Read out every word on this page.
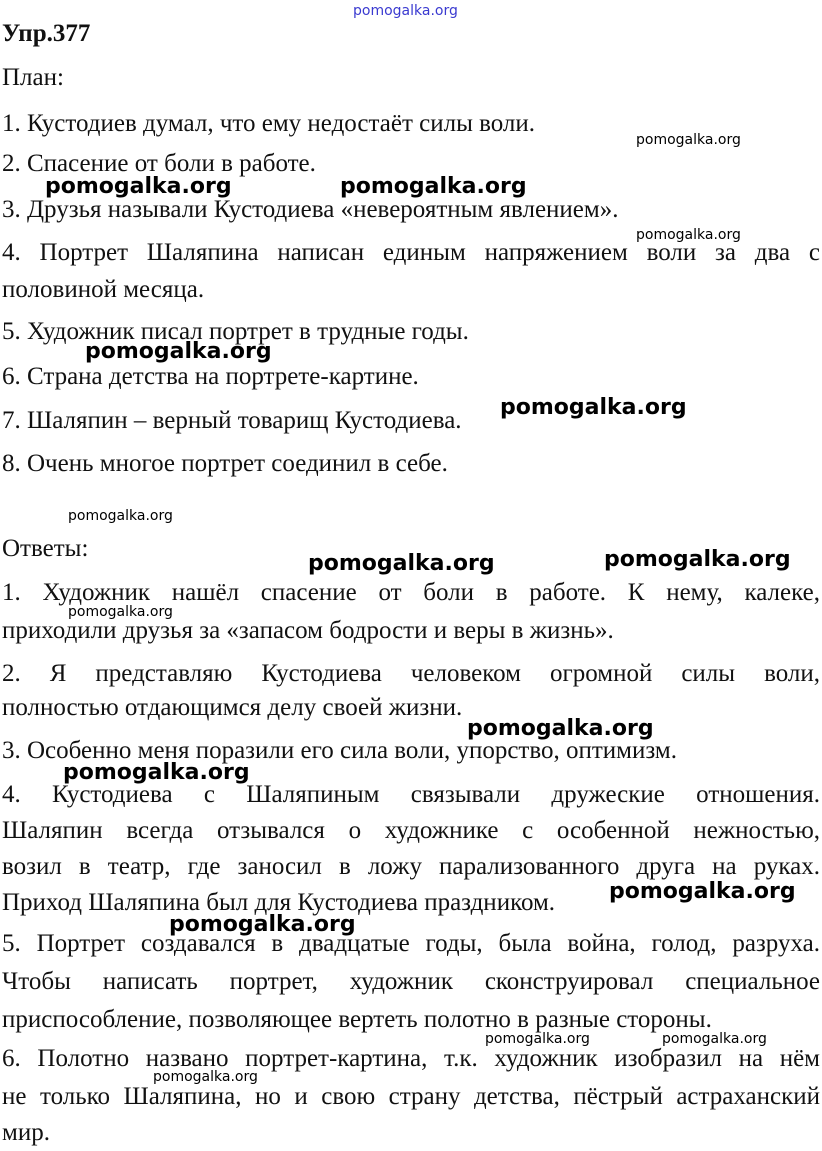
Упр.377
План:
1. Кустодиев думал, что ему недостаёт силы воли.
2. Спасение от боли в работе.
3. Друзья называли Кустодиева «невероятным явлением».
4. Портрет Шаляпина написан единым напряжением воли за два с
половиной месяца.
5. Художник писал портрет в трудные годы.
6. Страна детства на портрете-картине.
7. Шаляпин – верный товарищ Кустодиева.
8. Очень многое портрет соединил в себе.
Ответы:
1. Художник нашёл спасение от боли в работе. К нему, калеке,
приходили друзья за «запасом бодрости и веры в жизнь».
2. Я представляю Кустодиева человеком огромной силы воли,
полностью отдающимся делу своей жизни.
3. Особенно меня поразили его сила воли, упорство, оптимизм.
4. Кустодиева с Шаляпиным связывали дружеские отношения.
Шаляпин всегда отзывался о художнике с особенной нежностью,
возил в театр, где заносил в ложу парализованного друга на руках.
Приход Шаляпина был для Кустодиева праздником.
5. Портрет создавался в двадцатые годы, была война, голод, разруха.
Чтобы написать портрет, художник сконструировал специальное
приспособление, позволяющее вертеть полотно в разные стороны.
6. Полотно названо портрет-картина, т.к. художник изобразил на нём
не только Шаляпина, но и свою страну детства, пёстрый астраханский
мир.
pomogalka.org
pomogalka.org
pomogalka.org	pomogalka.org
pomogalka.org
pomogalka.org
pomogalka.org
pomogalka.org
pomogalka.org	pomogalka.org
pomogalka.org
pomogalka.org
pomogalka.org
pomogalka.org
pomogalka.org
pomogalka.org	pomogalka.org
pomogalka.org
